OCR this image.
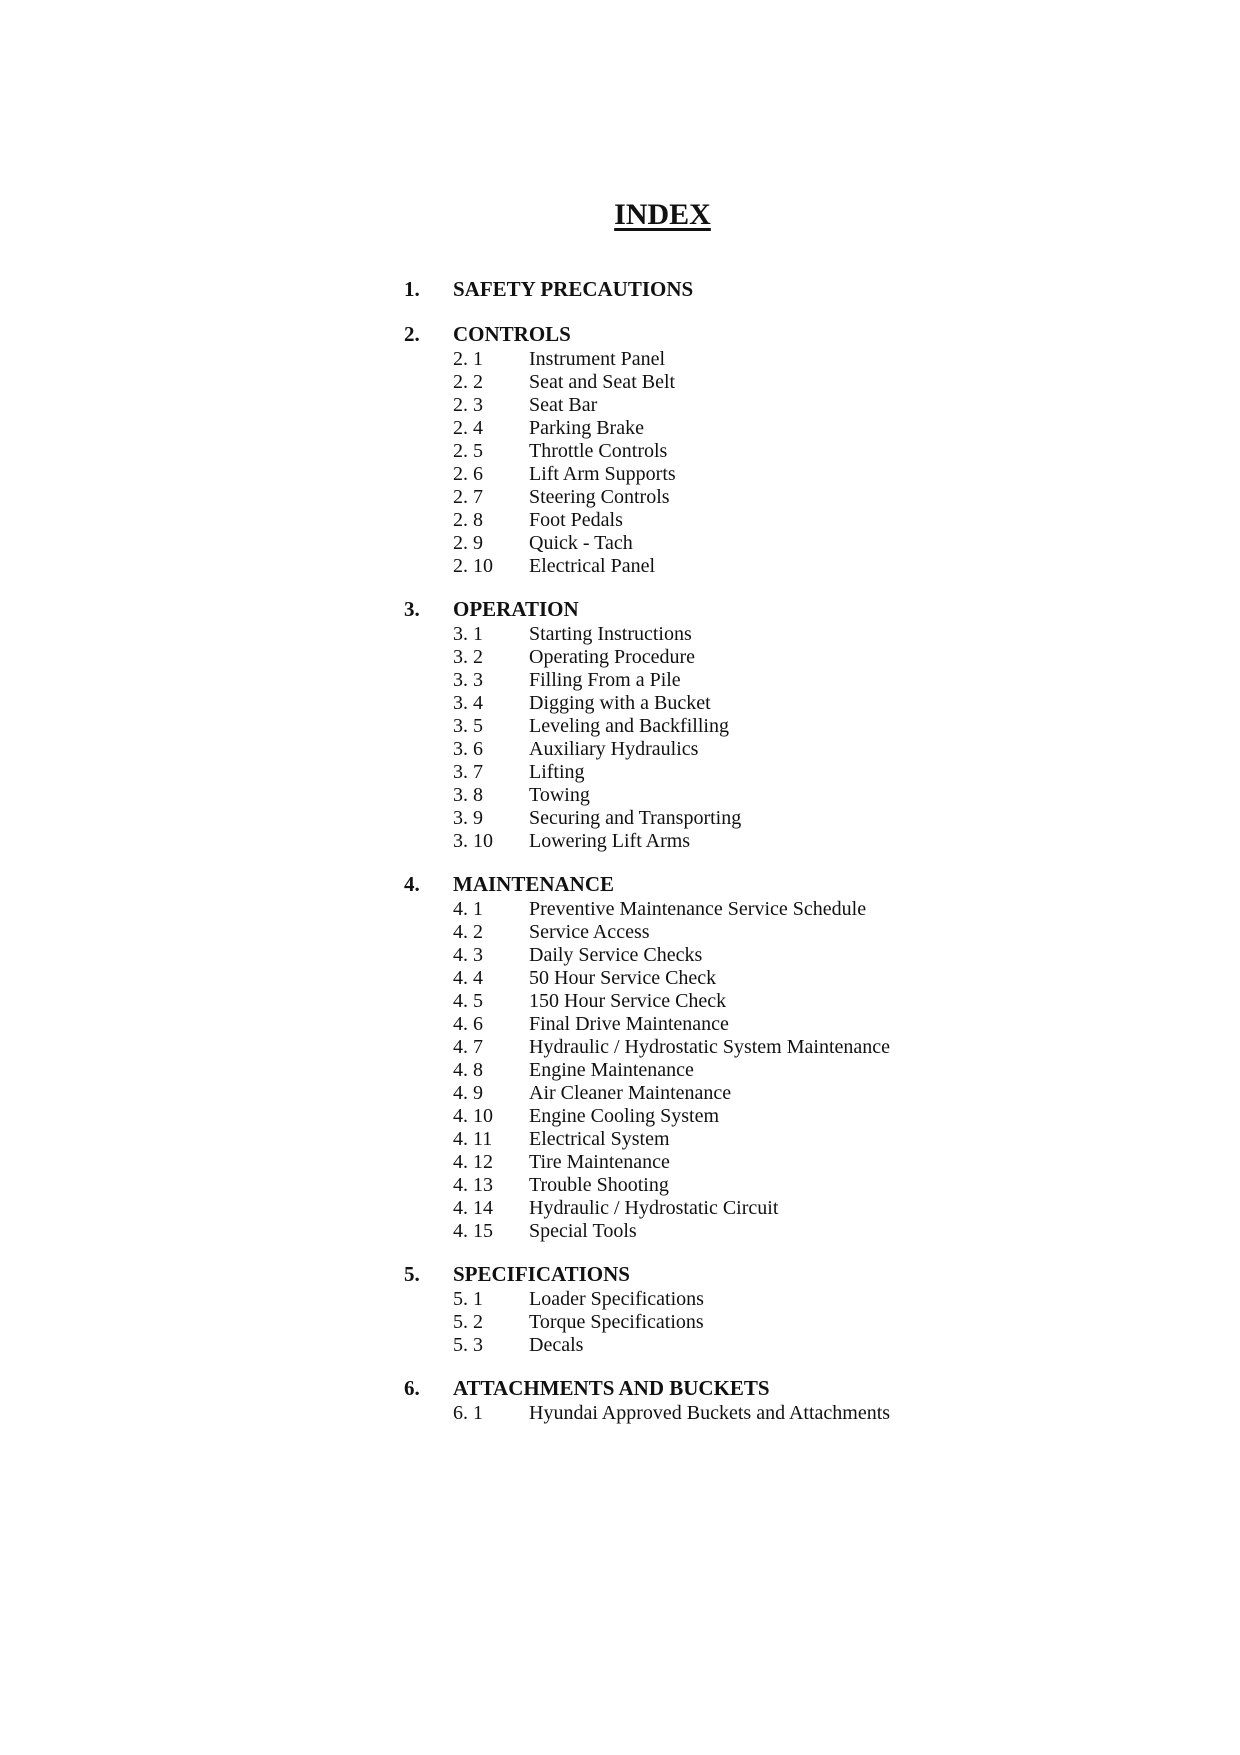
INDEX
1.	SAFETY PRECAUTIONS
2.	CONTROLS
2. 1	Instrument Panel
2. 2	Seat and Seat Belt
2. 3	Seat Bar
2. 4	Parking Brake
2. 5	Throttle Controls
2. 6	Lift Arm Supports
2. 7	Steering Controls
2. 8	Foot Pedals
2. 9	Quick - Tach
2. 10	Electrical Panel
3.	OPERATION
3. 1	Starting Instructions
3. 2	Operating Procedure
3. 3	Filling From a Pile
3. 4	Digging with a Bucket
3. 5	Leveling and Backfilling
3. 6	Auxiliary Hydraulics
3. 7	Lifting
3. 8	Towing
3. 9	Securing and Transporting
3. 10	Lowering Lift Arms
4.	MAINTENANCE
4. 1	Preventive Maintenance Service Schedule
4. 2	Service Access
4. 3	Daily Service Checks
4. 4	50 Hour Service Check
4. 5	150 Hour Service Check
4. 6	Final Drive Maintenance
4. 7	Hydraulic / Hydrostatic System Maintenance
4. 8	Engine Maintenance
4. 9	Air Cleaner Maintenance
4. 10	Engine Cooling System
4. 11	Electrical System
4. 12	Tire Maintenance
4. 13	Trouble Shooting
4. 14	Hydraulic / Hydrostatic Circuit
4. 15	Special Tools
5.	SPECIFICATIONS
5. 1	Loader Specifications
5. 2	Torque Specifications
5. 3	Decals
6.	ATTACHMENTS AND BUCKETS
6. 1	Hyundai Approved Buckets and Attachments
